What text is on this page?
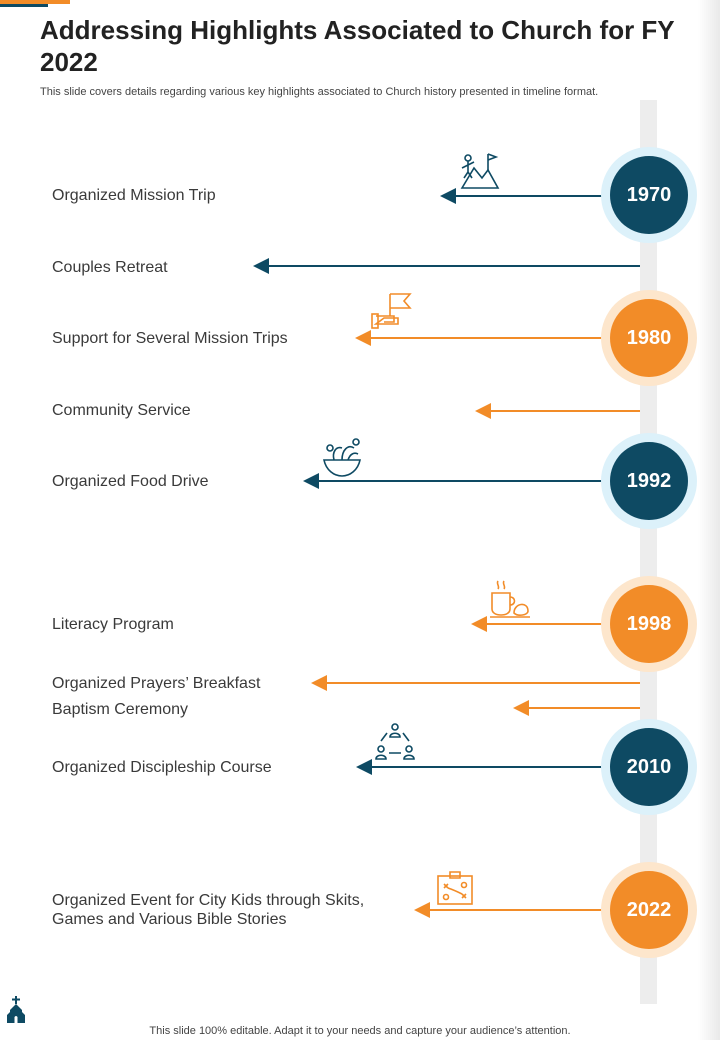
Addressing Highlights Associated to Church for FY 2022
This slide covers details regarding various key highlights associated to Church history presented in timeline format.
Organized Mission Trip	1970
Couples Retreat
Support for Several Mission Trips	1980
Community Service
Organized Food Drive	1992
Literacy Program	1998
Organized Prayers’ Breakfast
Baptism Ceremony
Organized Discipleship Course	2010
Organized Event for City Kids through Skits,
Games and Various Bible Stories	2022
This slide 100% editable. Adapt it to your needs and capture your audience’s attention.
